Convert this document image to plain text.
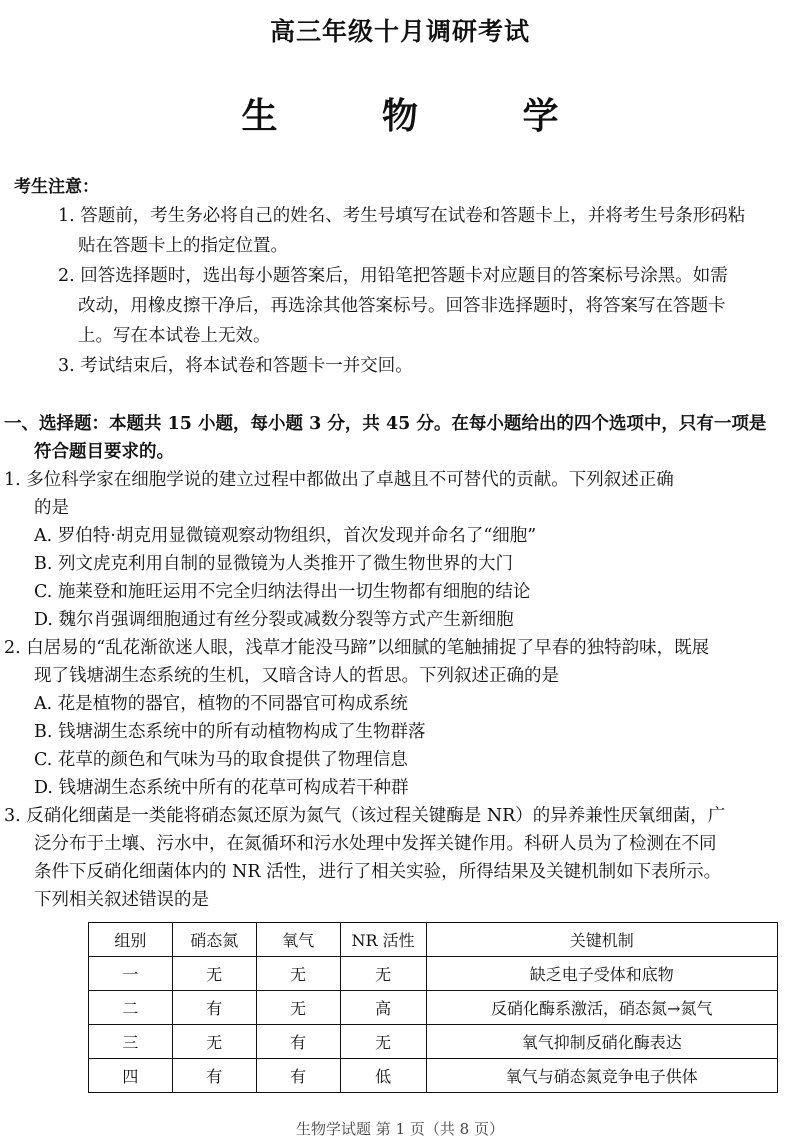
高三年级十月调研考试
生 物 学
考生注意：
1. 答题前，考生务必将自己的姓名、考生号填写在试卷和答题卡上，并将考生号条形码粘
贴在答题卡上的指定位置。
2. 回答选择题时，选出每小题答案后，用铅笔把答题卡对应题目的答案标号涂黑。如需
改动，用橡皮擦干净后，再选涂其他答案标号。回答非选择题时，将答案写在答题卡
上。写在本试卷上无效。
3. 考试结束后，将本试卷和答题卡一并交回。
一、选择题：本题共 15 小题，每小题 3 分，共 45 分。在每小题给出的四个选项中，只有一项是
符合题目要求的。
1. 多位科学家在细胞学说的建立过程中都做出了卓越且不可替代的贡献。下列叙述正确
的是
A. 罗伯特·胡克用显微镜观察动物组织，首次发现并命名了“细胞”
B. 列文虎克利用自制的显微镜为人类推开了微生物世界的大门
C. 施莱登和施旺运用不完全归纳法得出一切生物都有细胞的结论
D. 魏尔肖强调细胞通过有丝分裂或减数分裂等方式产生新细胞
2. 白居易的“乱花渐欲迷人眼，浅草才能没马蹄”以细腻的笔触捕捉了早春的独特韵味，既展
现了钱塘湖生态系统的生机，又暗含诗人的哲思。下列叙述正确的是
A. 花是植物的器官，植物的不同器官可构成系统
B. 钱塘湖生态系统中的所有动植物构成了生物群落
C. 花草的颜色和气味为马的取食提供了物理信息
D. 钱塘湖生态系统中所有的花草可构成若干种群
3. 反硝化细菌是一类能将硝态氮还原为氮气（该过程关键酶是 NR）的异养兼性厌氧细菌，广
泛分布于土壤、污水中，在氮循环和污水处理中发挥关键作用。科研人员为了检测在不同
条件下反硝化细菌体内的 NR 活性，进行了相关实验，所得结果及关键机制如下表所示。
下列相关叙述错误的是
组别	硝态氮	氧气	NR 活性	关键机制
一	无	无	无	缺乏电子受体和底物
二	有	无	高	反硝化酶系激活，硝态氮→氮气
三	无	有	无	氧气抑制反硝化酶表达
四	有	有	低	氧气与硝态氮竞争电子供体
生物学试题 第 1 页（共 8 页）
